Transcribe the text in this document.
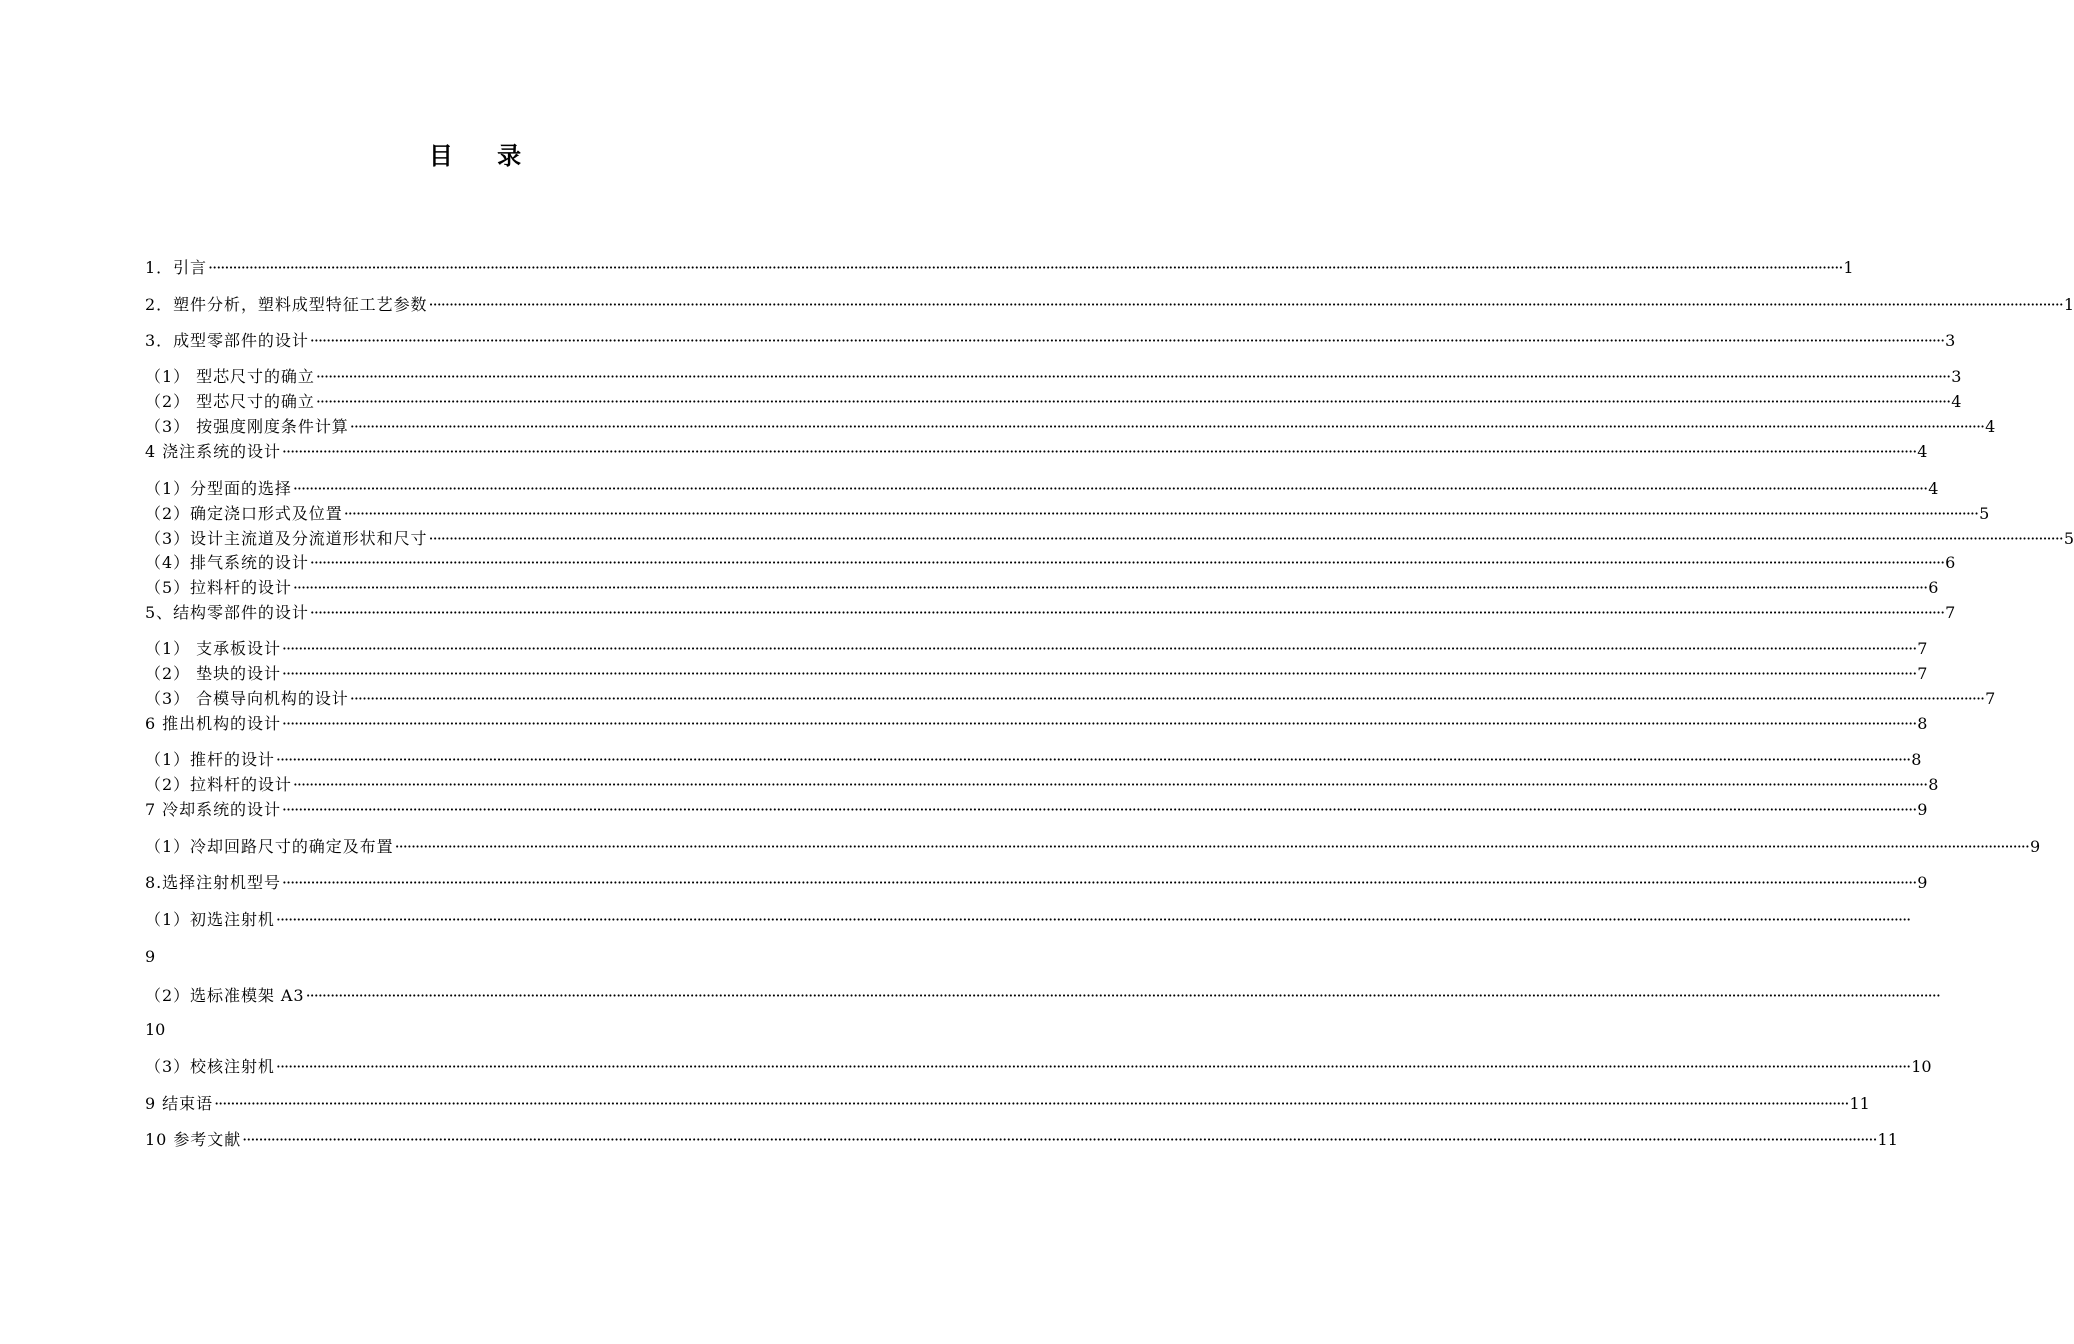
目 录
1．引言 ················································································································································································································································································································································································································ 1
2．塑件分析，塑料成型特征工艺参数 ················································································································································································································································································································································································································ 1
3．成型零部件的设计 ················································································································································································································································································································································································································ 3
（1） 型芯尺寸的确立 ················································································································································································································································································································································································································ 3
（2） 型芯尺寸的确立 ················································································································································································································································································································································································································ 4
（3） 按强度刚度条件计算 ················································································································································································································································································································································································································ 4
4 浇注系统的设计 ················································································································································································································································································································································································································ 4
（1）分型面的选择 ················································································································································································································································································································································································································ 4
（2）确定浇口形式及位置 ················································································································································································································································································································································································································ 5
（3）设计主流道及分流道形状和尺寸 ················································································································································································································································································································································································································ 5
（4）排气系统的设计 ················································································································································································································································································································································································································ 6
（5）拉料杆的设计 ················································································································································································································································································································································································································ 6
5、结构零部件的设计 ················································································································································································································································································································································································································ 7
（1） 支承板设计 ················································································································································································································································································································································································································ 7
（2） 垫块的设计 ················································································································································································································································································································································································································ 7
（3） 合模导向机构的设计 ················································································································································································································································································································································································································ 7
6 推出机构的设计 ················································································································································································································································································································································································································ 8
（1）推杆的设计 ················································································································································································································································································································································································································ 8
（2）拉料杆的设计 ················································································································································································································································································································································································································ 8
7 冷却系统的设计 ················································································································································································································································································································································································································ 9
（1）冷却回路尺寸的确定及布置 ················································································································································································································································································································································································································ 9
8.选择注射机型号 ················································································································································································································································································································································································································ 9
（1）初选注射机 ················································································································································································································································································································································································································
9
（2）选标准模架 A3 ················································································································································································································································································································································································································
10
（3）校核注射机 ················································································································································································································································································································································································································ 10
9 结束语 ················································································································································································································································································································································································································ 11
10 参考文献 ················································································································································································································································································································································································································ 11
